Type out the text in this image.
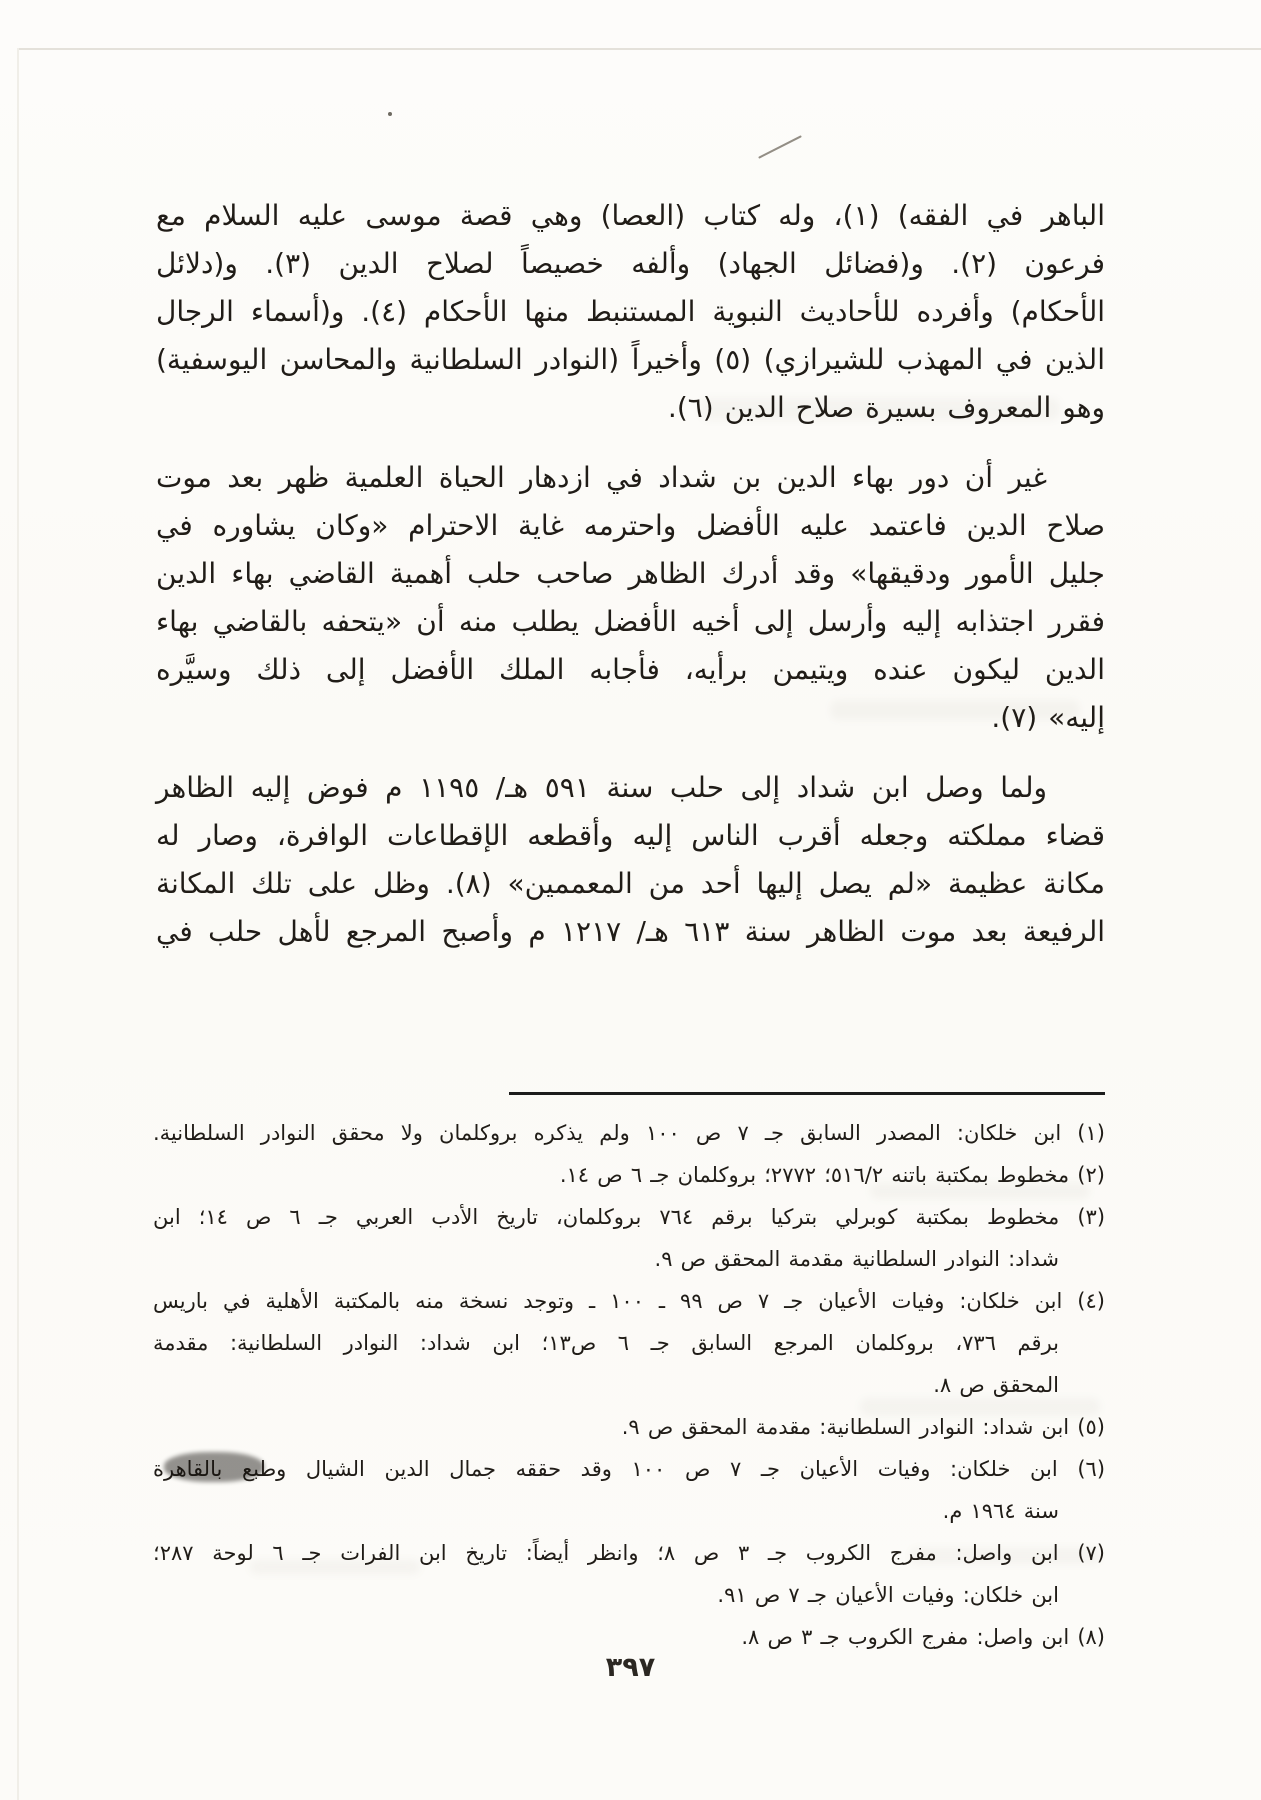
الباهر في الفقه) (١)، وله كتاب (العصا) وهي قصة موسى عليه السلام مع
فرعون (٢). و(فضائل الجهاد) وألفه خصيصاً لصلاح الدين (٣). و(دلائل
الأحكام) وأفرده للأحاديث النبوية المستنبط منها الأحكام (٤). و(أسماء الرجال
الذين في المهذب للشيرازي) (٥) وأخيراً (النوادر السلطانية والمحاسن اليوسفية)
وهو المعروف بسيرة صلاح الدين (٦).
غير أن دور بهاء الدين بن شداد في ازدهار الحياة العلمية ظهر بعد موت
صلاح الدين فاعتمد عليه الأفضل واحترمه غاية الاحترام «وكان يشاوره في
جليل الأمور ودقيقها» وقد أدرك الظاهر صاحب حلب أهمية القاضي بهاء الدين
فقرر اجتذابه إليه وأرسل إلى أخيه الأفضل يطلب منه أن «يتحفه بالقاضي بهاء
الدين ليكون عنده ويتيمن برأيه، فأجابه الملك الأفضل إلى ذلك وسيَّره
إليه» (٧).
ولما وصل ابن شداد إلى حلب سنة ٥٩١ هـ/ ١١٩٥ م فوض إليه الظاهر
قضاء مملكته وجعله أقرب الناس إليه وأقطعه الإقطاعات الوافرة، وصار له
مكانة عظيمة «لم يصل إليها أحد من المعممين» (٨). وظل على تلك المكانة
الرفيعة بعد موت الظاهر سنة ٦١٣ هـ/ ١٢١٧ م وأصبح المرجع لأهل حلب في
(١) ابن خلكان: المصدر السابق جـ ٧ ص ١٠٠ ولم يذكره بروكلمان ولا محقق النوادر السلطانية.
(٢) مخطوط بمكتبة باتنه ٥١٦/٢؛ ٢٧٧٢؛ بروكلمان جـ ٦ ص ١٤.
(٣) مخطوط بمكتبة كوبرلي بتركيا برقم ٧٦٤ بروكلمان، تاريخ الأدب العربي جـ ٦ ص ١٤؛ ابن
شداد: النوادر السلطانية مقدمة المحقق ص ٩.
(٤) ابن خلكان: وفيات الأعيان جـ ٧ ص ٩٩ ـ ١٠٠ ـ وتوجد نسخة منه بالمكتبة الأهلية في باريس
برقم ٧٣٦، بروكلمان المرجع السابق جـ ٦ ص١٣؛ ابن شداد: النوادر السلطانية: مقدمة
المحقق ص ٨.
(٥) ابن شداد: النوادر السلطانية: مقدمة المحقق ص ٩.
(٦) ابن خلكان: وفيات الأعيان جـ ٧ ص ١٠٠ وقد حققه جمال الدين الشيال وطبع بالقاهرة
سنة ١٩٦٤ م.
(٧) ابن واصل: مفرج الكروب جـ ٣ ص ٨؛ وانظر أيضاً: تاريخ ابن الفرات جـ ٦ لوحة ٢٨٧؛
ابن خلكان: وفيات الأعيان جـ ٧ ص ٩١.
(٨) ابن واصل: مفرج الكروب جـ ٣ ص ٨.
٣٩٧
